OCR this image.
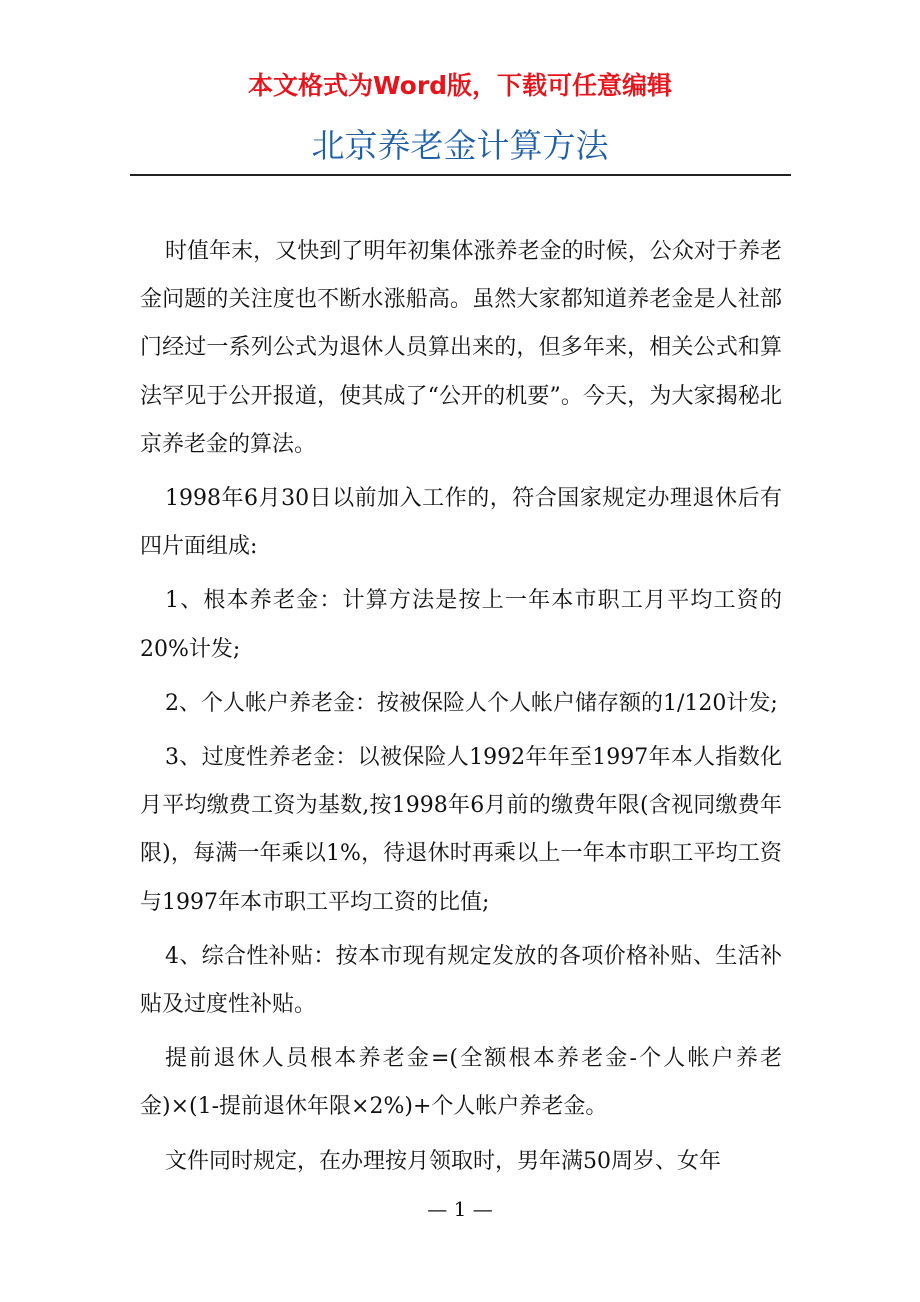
本文格式为Word版，下载可任意编辑
北京养老金计算方法

时值年末，又快到了明年初集体涨养老金的时候，公众对于养老金问题的关注度也不断水涨船高。虽然大家都知道养老金是人社部门经过一系列公式为退休人员算出来的，但多年来，相关公式和算法罕见于公开报道，使其成了“公开的机要”。今天，为大家揭秘北京养老金的算法。

1998年6月30日以前加入工作的，符合国家规定办理退休后有四片面组成:

1、根本养老金：计算方法是按上一年本市职工月平均工资的20%计发;

2、个人帐户养老金：按被保险人个人帐户储存额的1/120计发;

3、过度性养老金：以被保险人1992年年至1997年本人指数化月平均缴费工资为基数,按1998年6月前的缴费年限(含视同缴费年限)，每满一年乘以1%，待退休时再乘以上一年本市职工平均工资与1997年本市职工平均工资的比值;

4、综合性补贴：按本市现有规定发放的各项价格补贴、生活补贴及过度性补贴。

提前退休人员根本养老金=(全额根本养老金-个人帐户养老金)×(1-提前退休年限×2%)+个人帐户养老金。

文件同时规定，在办理按月领取时，男年满50周岁、女年

— 1 —
